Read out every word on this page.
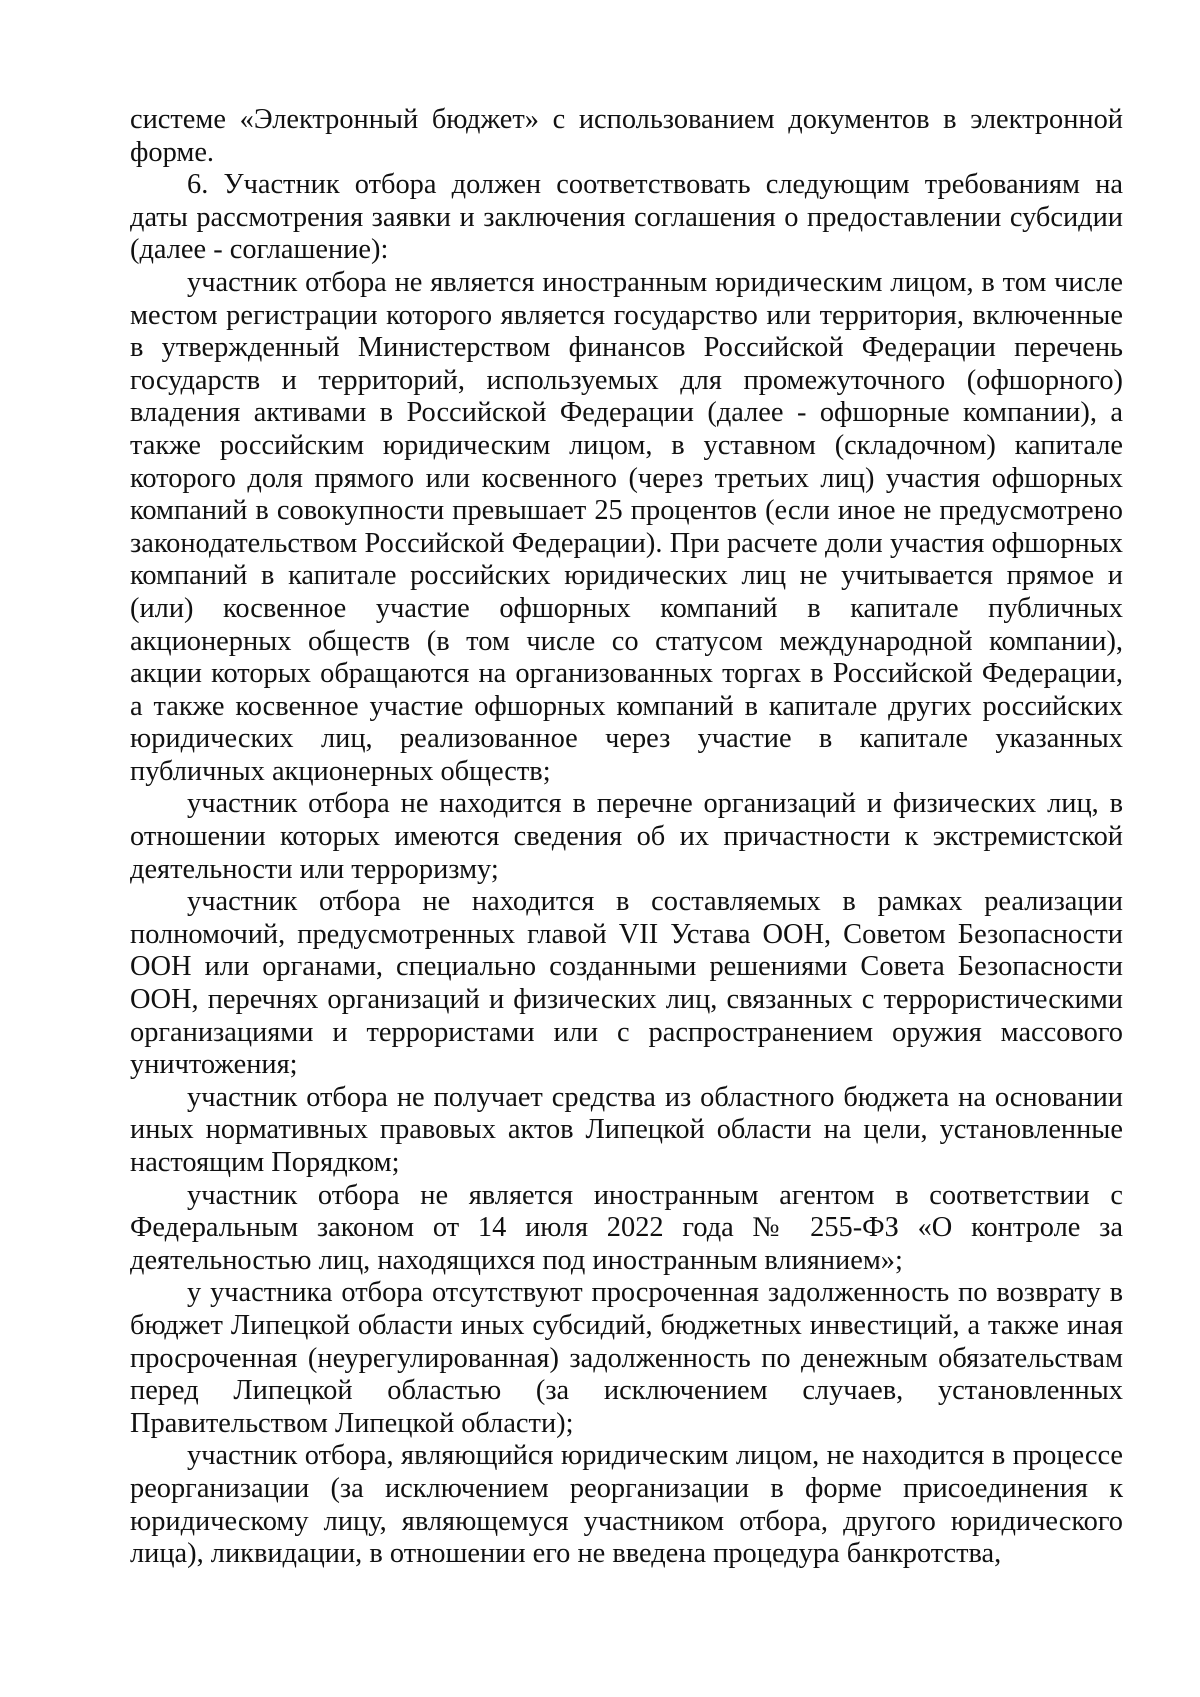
системе «Электронный бюджет» с использованием документов в электронной форме.

6. Участник отбора должен соответствовать следующим требованиям на даты рассмотрения заявки и заключения соглашения о предоставлении субсидии (далее - соглашение):

участник отбора не является иностранным юридическим лицом, в том числе местом регистрации которого является государство или территория, включенные в утвержденный Министерством финансов Российской Федерации перечень государств и территорий, используемых для промежуточного (офшорного) владения активами в Российской Федерации (далее - офшорные компании), а также российским юридическим лицом, в уставном (складочном) капитале которого доля прямого или косвенного (через третьих лиц) участия офшорных компаний в совокупности превышает 25 процентов (если иное не предусмотрено законодательством Российской Федерации). При расчете доли участия офшорных компаний в капитале российских юридических лиц не учитывается прямое и (или) косвенное участие офшорных компаний в капитале публичных акционерных обществ (в том числе со статусом международной компании), акции которых обращаются на организованных торгах в Российской Федерации, а также косвенное участие офшорных компаний в капитале других российских юридических лиц, реализованное через участие в капитале указанных публичных акционерных обществ;

участник отбора не находится в перечне организаций и физических лиц, в отношении которых имеются сведения об их причастности к экстремистской деятельности или терроризму;

участник отбора не находится в составляемых в рамках реализации полномочий, предусмотренных главой VII Устава ООН, Советом Безопасности ООН или органами, специально созданными решениями Совета Безопасности ООН, перечнях организаций и физических лиц, связанных с террористическими организациями и террористами или с распространением оружия массового уничтожения;

участник отбора не получает средства из областного бюджета на основании иных нормативных правовых актов Липецкой области на цели, установленные настоящим Порядком;

участник отбора не является иностранным агентом в соответствии с Федеральным законом от 14 июля 2022 года № 255-ФЗ «О контроле за деятельностью лиц, находящихся под иностранным влиянием»;

у участника отбора отсутствуют просроченная задолженность по возврату в бюджет Липецкой области иных субсидий, бюджетных инвестиций, а также иная просроченная (неурегулированная) задолженность по денежным обязательствам перед Липецкой областью (за исключением случаев, установленных Правительством Липецкой области);

участник отбора, являющийся юридическим лицом, не находится в процессе реорганизации (за исключением реорганизации в форме присоединения к юридическому лицу, являющемуся участником отбора, другого юридического лица), ликвидации, в отношении его не введена процедура банкротства,
